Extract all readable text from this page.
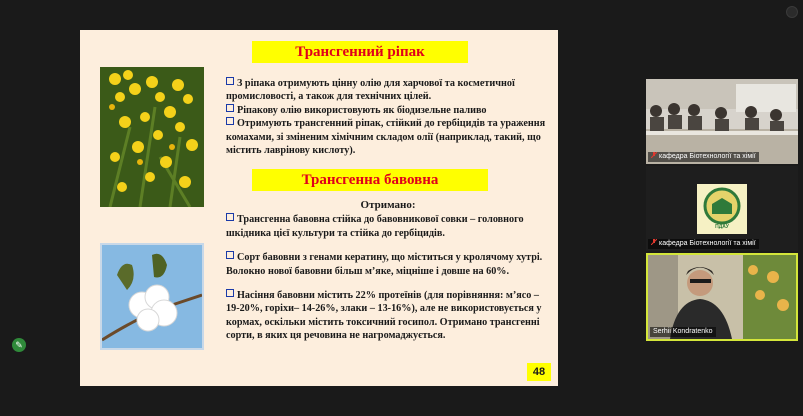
Трансгенний ріпак

З ріпака отримують цінну олію для харчової та косметичної промисловості, а також для технічних цілей.

Ріпакову олію використовують як біодизельне паливо

Отримують трансгенний ріпак, стійкий до гербіцидів та ураження комахами, зі зміненим хімічним складом олії (наприклад, такий, що містить лаврінову кислоту).

Трансгенна бавовна

Отримано:

Трансгенна бавовна стійка до бавовникової совки – головного шкідника цієї культури та стійка до гербіцидів.

Сорт бавовни з генами кератину, що міститься у кролячому хутрі. Волокно нової бавовни більш м’яке, міцніше і довше на 60%.

Насіння бавовни містить 22% протеїнів (для порівняння: м’ясо – 19-20%, горіхи– 14-26%, злаки – 13-16%), але не використовується у кормах, оскільки містить токсичний госипол. Отримано трансгенні сорти, в яких ця речовина не нагромаджується.

48
кафедра Біотехнології та хімії
ПДАУ
кафедра Біотехнології та хімії
Serhii Kondratenko
✎
